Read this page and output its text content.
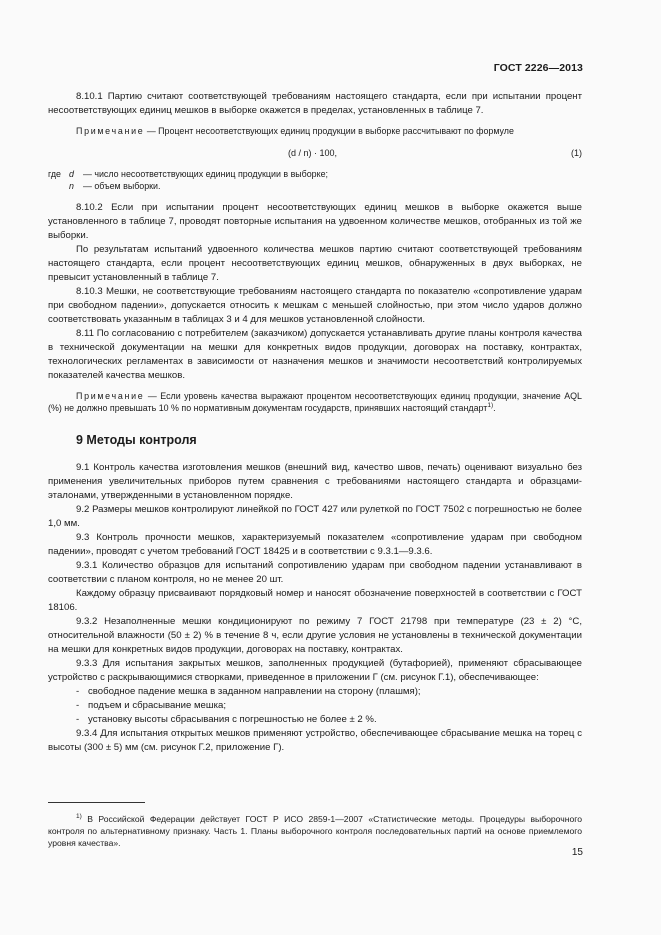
ГОСТ 2226—2013

8.10.1 Партию считают соответствующей требованиям настоящего стандарта, если при испытании процент несоответствующих единиц мешков в выборке окажется в пределах, установленных в таблице 7.

Примечание — Процент несоответствующих единиц продукции в выборке рассчитывают по формуле

(d / n) · 100,	(1)
где d — число несоответствующих единиц продукции в выборке;
n — объем выборки.

8.10.2 Если при испытании процент несоответствующих единиц мешков в выборке окажется выше установленного в таблице 7, проводят повторные испытания на удвоенном количестве мешков, отобранных из той же выборки.

По результатам испытаний удвоенного количества мешков партию считают соответствующей требованиям настоящего стандарта, если процент несоответствующих единиц мешков, обнаруженных в двух выборках, не превысит установленный в таблице 7.

8.10.3 Мешки, не соответствующие требованиям настоящего стандарта по показателю «сопротивление ударам при свободном падении», допускается относить к мешкам с меньшей слойностью, при этом число ударов должно соответствовать указанным в таблицах 3 и 4 для мешков установленной слойности.

8.11 По согласованию с потребителем (заказчиком) допускается устанавливать другие планы контроля качества в технической документации на мешки для конкретных видов продукции, договорах на поставку, контрактах, технологических регламентах в зависимости от назначения мешков и значимости несоответствий контролируемых показателей качества мешков.

Примечание — Если уровень качества выражают процентом несоответствующих единиц продукции, значение AQL (%) не должно превышать 10 % по нормативным документам государств, принявших настоящий стандарт$^{1)}$.

9 Методы контроля

9.1 Контроль качества изготовления мешков (внешний вид, качество швов, печать) оценивают визуально без применения увеличительных приборов путем сравнения с требованиями настоящего стандарта и образцами-эталонами, утвержденными в установленном порядке.

9.2 Размеры мешков контролируют линейкой по ГОСТ 427 или рулеткой по ГОСТ 7502 с погрешностью не более 1,0 мм.

9.3 Контроль прочности мешков, характеризуемый показателем «сопротивление ударам при свободном падении», проводят с учетом требований ГОСТ 18425 и в соответствии с 9.3.1—9.3.6.

9.3.1 Количество образцов для испытаний сопротивлению ударам при свободном падении устанавливают в соответствии с планом контроля, но не менее 20 шт.

Каждому образцу присваивают порядковый номер и наносят обозначение поверхностей в соответствии с ГОСТ 18106.

9.3.2 Незаполненные мешки кондиционируют по режиму 7 ГОСТ 21798 при температуре (23 ± 2) °С, относительной влажности (50 ± 2) % в течение 8 ч, если другие условия не установлены в технической документации на мешки для конкретных видов продукции, договорах на поставку, контрактах.

9.3.3 Для испытания закрытых мешков, заполненных продукцией (бутафорией), применяют сбрасывающее устройство с раскрывающимися створками, приведенное в приложении Г (см. рисунок Г.1), обеспечивающее:

- свободное падение мешка в заданном направлении на сторону (плашмя);
- подъем и сбрасывание мешка;
- установку высоты сбрасывания с погрешностью не более ± 2 %.

9.3.4 Для испытания открытых мешков применяют устройство, обеспечивающее сбрасывание мешка на торец с высоты (300 ± 5) мм (см. рисунок Г.2, приложение Г).

$^{1)}$ В Российской Федерации действует ГОСТ Р ИСО 2859-1—2007 «Статистические методы. Процедуры выборочного контроля по альтернативному признаку. Часть 1. Планы выборочного контроля последовательных партий на основе приемлемого уровня качества».

15
